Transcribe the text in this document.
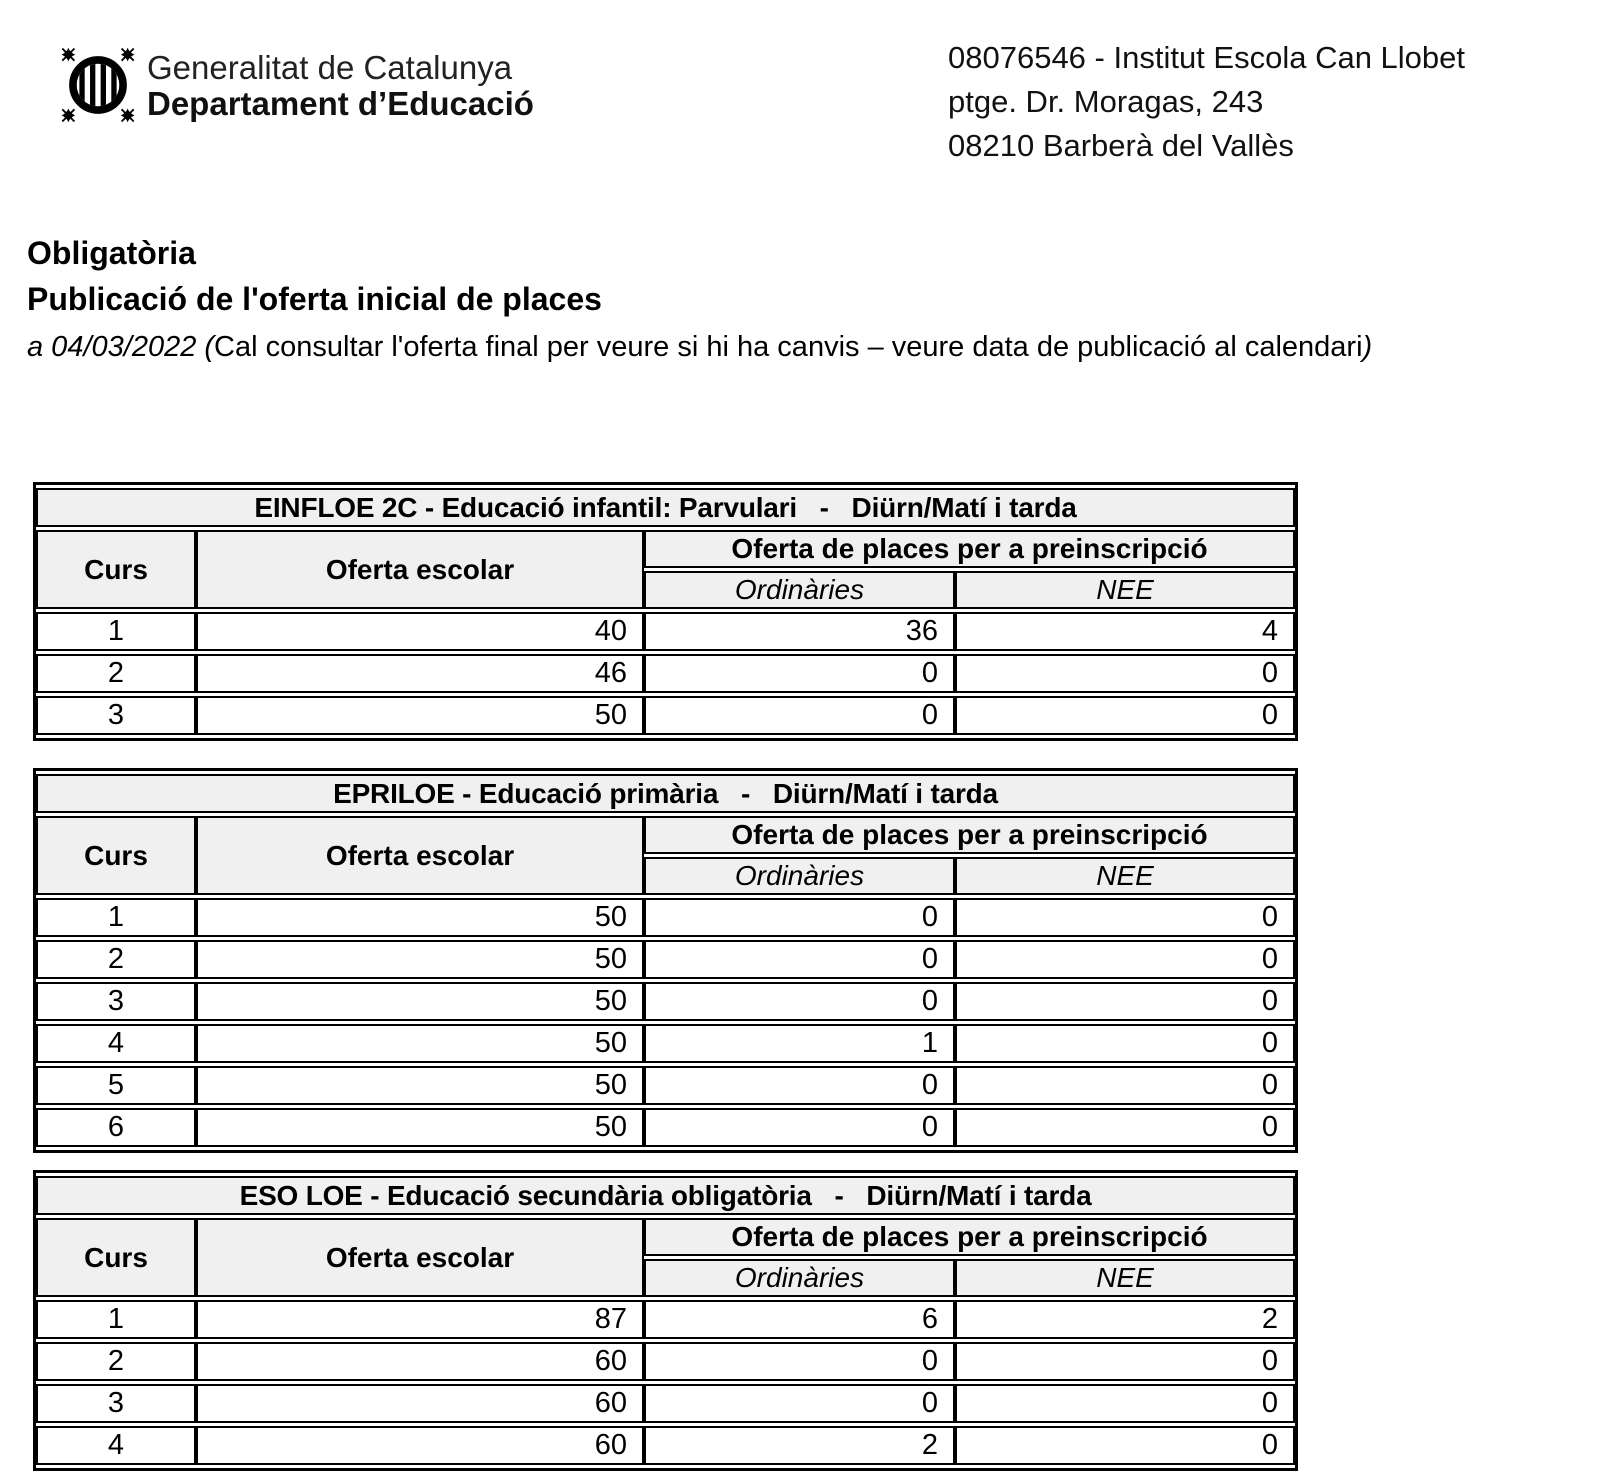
Generalitat de Catalunya
Departament d’Educació
08076546 - Institut Escola Can Llobet
ptge. Dr. Moragas, 243
08210 Barberà del Vallès
Obligatòria
Publicació de l'oferta inicial de places
a 04/03/2022 (Cal consultar l'oferta final per veure si hi ha canvis – veure data de publicació al calendari)
EINFLOE 2C - Educació infantil: Parvulari   -   Diürn/Matí i tarda			
Curs	Oferta escolar	Oferta de places per a preinscripció	
		Ordinàries	NEE
1	40	36	4
2	46	0	0
3	50	0	0
EPRILOE - Educació primària   -   Diürn/Matí i tarda			
Curs	Oferta escolar	Oferta de places per a preinscripció	
		Ordinàries	NEE
1	50	0	0
2	50	0	0
3	50	0	0
4	50	1	0
5	50	0	0
6	50	0	0
ESO LOE - Educació secundària obligatòria   -   Diürn/Matí i tarda			
Curs	Oferta escolar	Oferta de places per a preinscripció	
		Ordinàries	NEE
1	87	6	2
2	60	0	0
3	60	0	0
4	60	2	0
